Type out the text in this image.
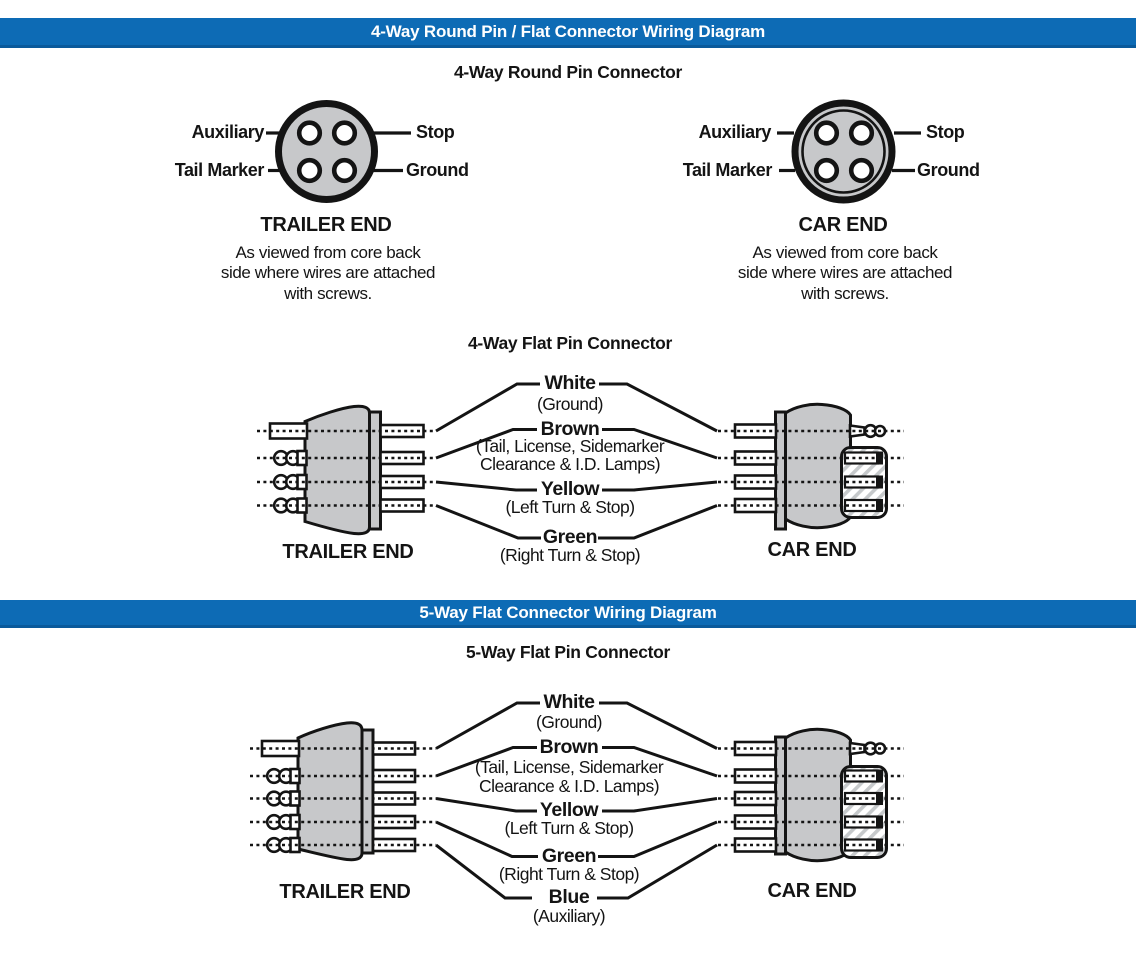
4-Way Round Pin / Flat Connector Wiring Diagram
5-Way Flat Connector Wiring Diagram
4-Way Round Pin Connector
4-Way Flat Pin Connector
5-Way Flat Pin Connector
Auxiliary
Tail Marker
Stop
Ground
Auxiliary
Tail Marker
Stop
Ground
TRAILER END	CAR END
As viewed from core back
side where wires are attached
with screws.
As viewed from core back
side where wires are attached
with screws.
White
(Ground)
Brown
(Tail, License, Sidemarker
Clearance & I.D. Lamps)
Yellow
(Left Turn & Stop)
Green
(Right Turn & Stop)
TRAILER END	CAR END
White
(Ground)
Brown
(Tail, License, Sidemarker
Clearance & I.D. Lamps)
Yellow
(Left Turn & Stop)
Green
(Right Turn & Stop)
Blue
(Auxiliary)
TRAILER END	CAR END
